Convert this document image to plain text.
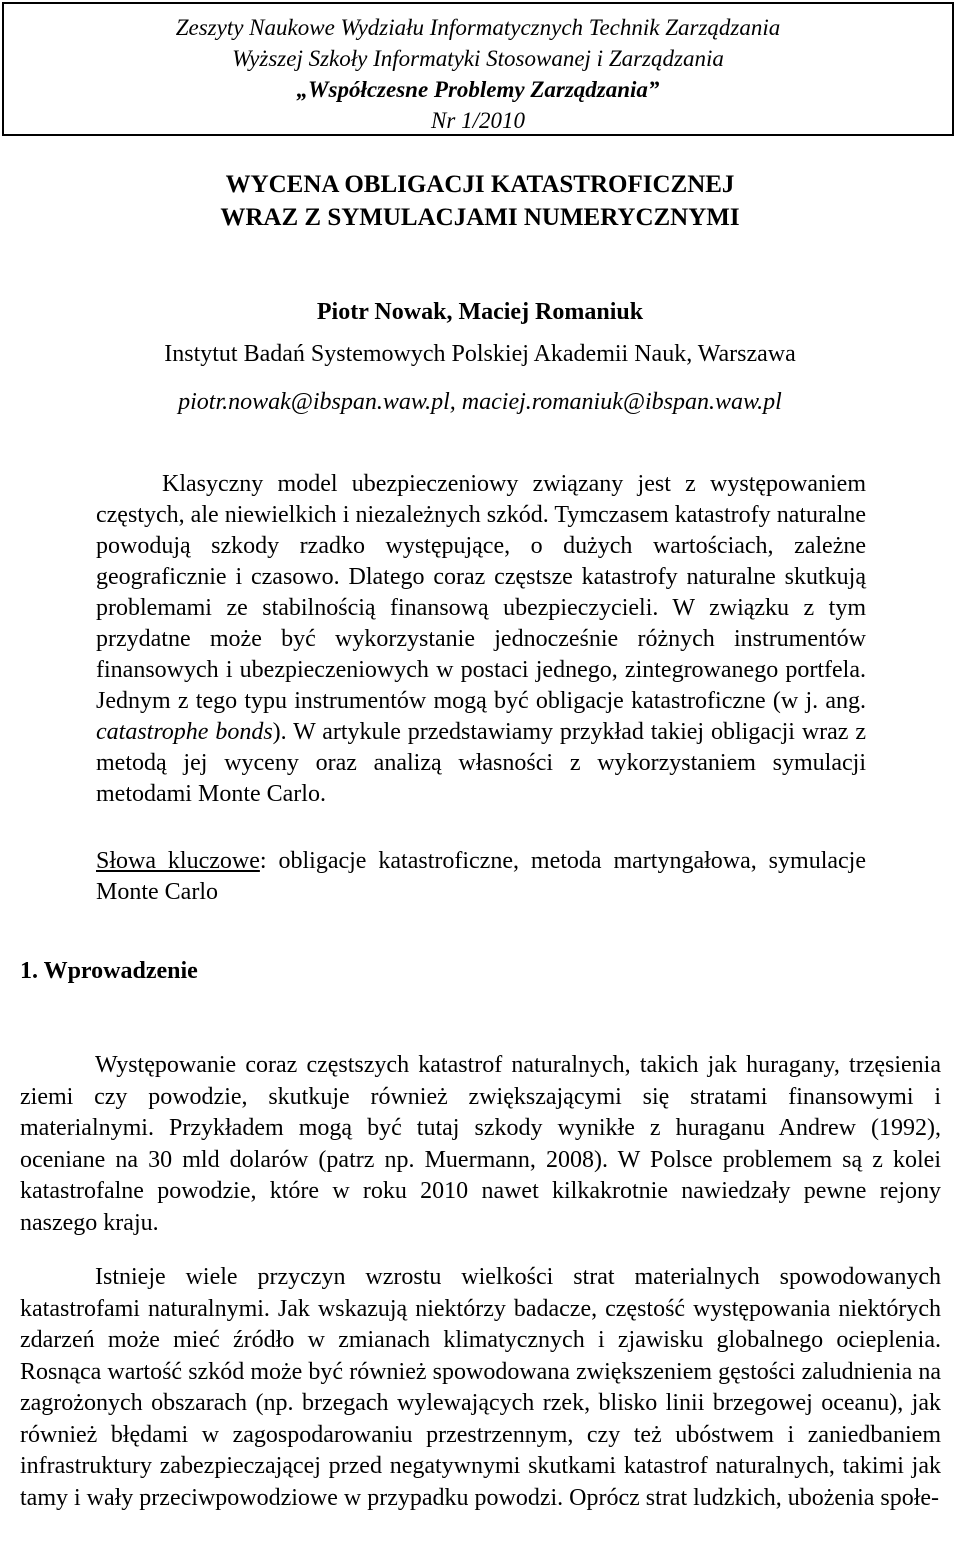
Zeszyty Naukowe Wydziału Informatycznych Technik Zarządzania
Wyższej Szkoły Informatyki Stosowanej i Zarządzania
„Współczesne Problemy Zarządzania”
Nr 1/2010
WYCENA OBLIGACJI KATASTROFICZNEJ
WRAZ Z SYMULACJAMI NUMERYCZNYMI
Piotr Nowak, Maciej Romaniuk
Instytut Badań Systemowych Polskiej Akademii Nauk, Warszawa
piotr.nowak@ibspan.waw.pl, maciej.romaniuk@ibspan.waw.pl
Klasyczny model ubezpieczeniowy związany jest z występowaniem częstych, ale niewielkich i niezależnych szkód. Tymczasem katastrofy naturalne powodują szkody rzadko występujące, o dużych wartościach, zależne geograficznie i czasowo. Dlatego coraz częstsze katastrofy naturalne skutkują problemami ze stabilnością finansową ubezpieczycieli. W związku z tym przydatne może być wykorzystanie jednocześnie różnych instrumentów finansowych i ubezpieczeniowych w postaci jednego, zintegrowanego portfela. Jednym z tego typu instrumentów mogą być obligacje katastroficzne (w j. ang. catastrophe bonds). W artykule przedstawiamy przykład takiej obligacji wraz z metodą jej wyceny oraz analizą własności z wykorzystaniem symulacji metodami Monte Carlo.
Słowa kluczowe: obligacje katastroficzne, metoda martyngałowa, symulacje Monte Carlo
1. Wprowadzenie
Występowanie coraz częstszych katastrof naturalnych, takich jak huragany, trzęsienia ziemi czy powodzie, skutkuje również zwiększającymi się stratami finansowymi i materialnymi. Przykładem mogą być tutaj szkody wynikłe z huraganu Andrew (1992), oceniane na 30 mld dolarów (patrz np. Muermann, 2008). W Polsce problemem są z kolei katastrofalne powodzie, które w roku 2010 nawet kilkakrotnie nawiedzały pewne rejony naszego kraju.
Istnieje wiele przyczyn wzrostu wielkości strat materialnych spowodowanych katastrofami naturalnymi. Jak wskazują niektórzy badacze, częstość występowania niektórych zdarzeń może mieć źródło w zmianach klimatycznych i zjawisku globalnego ocieplenia. Rosnąca wartość szkód może być również spowodowana zwiększeniem gęstości zaludnienia na zagrożonych obszarach (np. brzegach wylewających rzek, blisko linii brzegowej oceanu), jak również błędami w zagospodarowaniu przestrzennym, czy też ubóstwem i zaniedbaniem infrastruktury zabezpieczającej przed negatywnymi skutkami katastrof naturalnych, takimi jak tamy i wały przeciwpowodziowe w przypadku powodzi. Oprócz strat ludzkich, ubożenia społe-
